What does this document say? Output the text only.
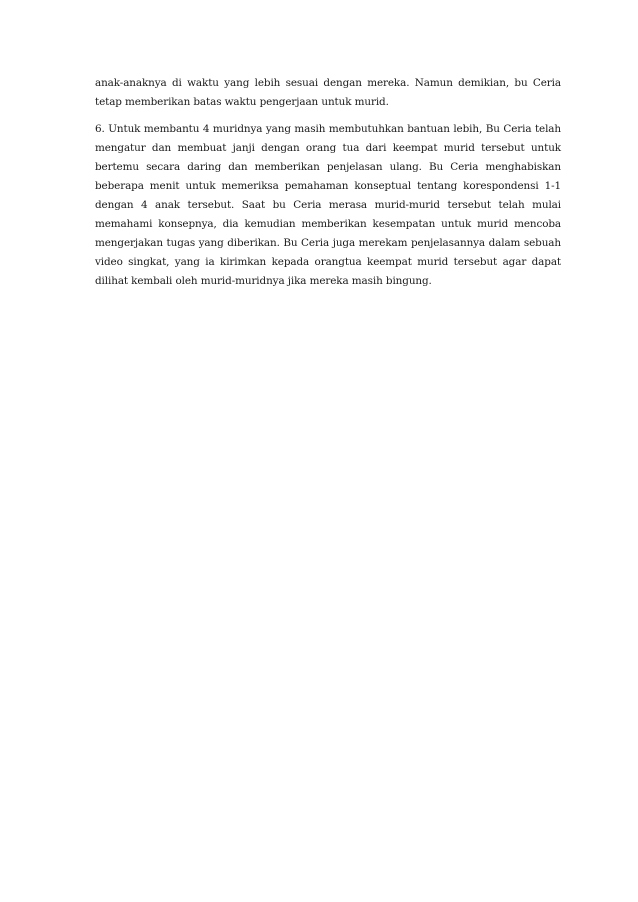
anak-anaknya di waktu yang lebih sesuai dengan mereka. Namun demikian, bu Ceria tetap memberikan batas waktu pengerjaan untuk murid.

6. Untuk membantu 4 muridnya yang masih membutuhkan bantuan lebih, Bu Ceria telah mengatur dan membuat janji dengan orang tua dari keempat murid tersebut untuk bertemu secara daring dan memberikan penjelasan ulang. Bu Ceria menghabiskan beberapa menit untuk memeriksa pemahaman konseptual tentang korespondensi 1-1 dengan 4 anak tersebut. Saat bu Ceria merasa murid-murid tersebut telah mulai memahami konsepnya, dia kemudian memberikan kesempatan untuk murid mencoba mengerjakan tugas yang diberikan. Bu Ceria juga merekam penjelasannya dalam sebuah video singkat, yang ia kirimkan kepada orangtua keempat murid tersebut agar dapat dilihat kembali oleh murid-muridnya jika mereka masih bingung.
